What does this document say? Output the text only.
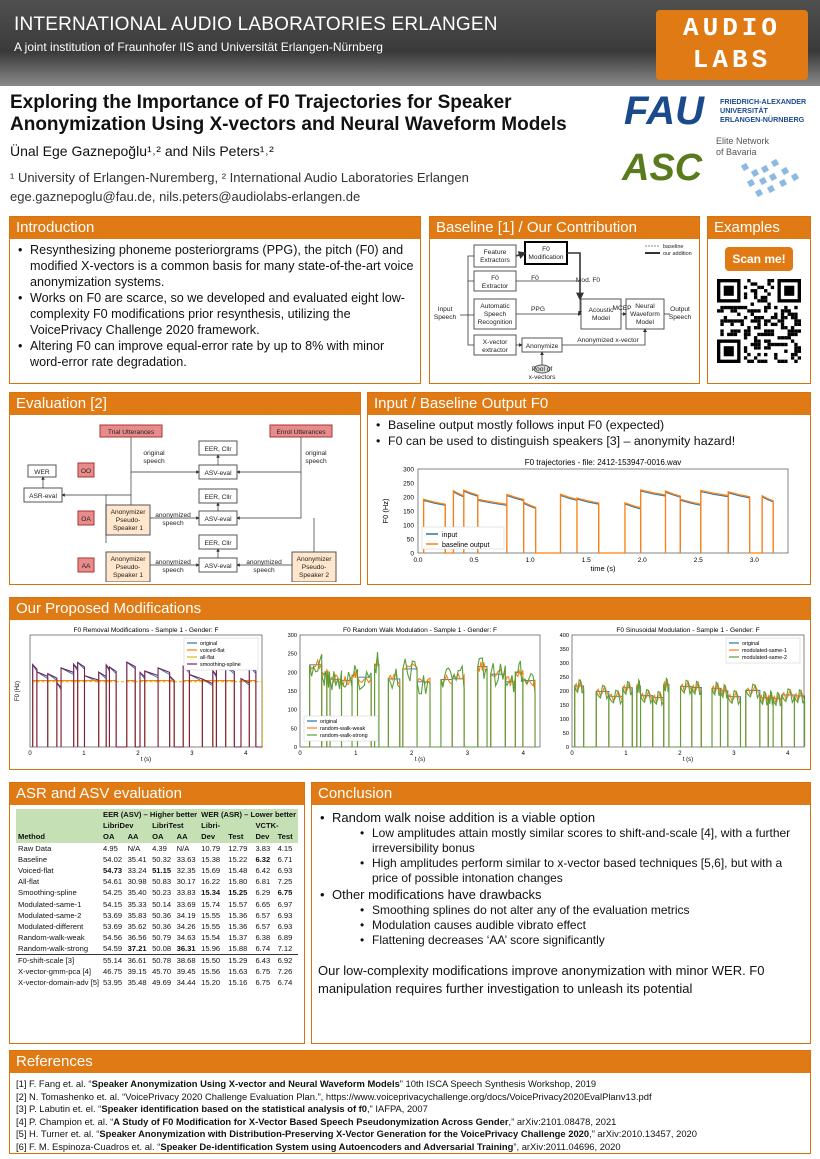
INTERNATIONAL AUDIO LABORATORIES ERLANGEN
A joint institution of Fraunhofer IIS and Universität Erlangen-Nürnberg
AUDIO
LABS
Exploring the Importance of F0 Trajectories for Speaker Anonymization Using X-vectors and Neural Waveform Models
Ünal Ege Gaznepoğlu¹˒² and Nils Peters¹˒²
¹ University of Erlangen-Nuremberg, ² International Audio Laboratories Erlangen
ege.gaznepoglu@fau.de, nils.peters@audiolabs-erlangen.de
FAU FRIEDRICH-ALEXANDER
UNIVERSITÄT
ERLANGEN-NÜRNBERG
ASC
Elite Network
of Bavaria
Introduction
• Resynthesizing phoneme posteriorgrams (PPG), the pitch (F0) and modified X-vectors is a common basis for many state-of-the-art voice anonymization systems.
• Works on F0 are scarce, so we developed and evaluated eight low-complexity F0 modifications prior resynthesis, utilizing the VoicePrivacy Challenge 2020 framework.
• Altering F0 can improve equal-error rate by up to 8% with minor word-error rate degradation.
Baseline [1] / Our Contribution
Feature
Extractors
F0
Modification
F0
Extractor
Automatic
Speech
Recognition
X-vector
extractor
Anonymize
Acoustic
Model
Neural
Waveform
Model
Pool of
x-vectors
Input
Speech
Output
Speech
F0	Mod. F0
PPG
Anonymized x-vector
MCEP
baseline
our addition
Examples
Scan me!
Evaluation [2]
Trial Utterances	Enrol Utterances
EER, Cllr
ASV-eval
EER, Cllr
ASV-eval
EER, Cllr
ASV-eval
WER
ASR-eval
OO
OA
AA
Anonymizer
Pseudo-
Speaker 1
Anonymizer
Pseudo-
Speaker 1
Anonymizer
Pseudo-
Speaker 2
original
speech
original
speech
anonymized
speech
anonymized
speech
anonymized
speech
Input / Baseline Output F0
• Baseline output mostly follows input F0 (expected)
• F0 can be used to distinguish speakers [3] – anonymity hazard!
F0 trajectories - file: 2412-153947-0016.wav
0
50
100
150
200
250
300
0.0	0.5	1.0	1.5	2.0	2.5	3.0
time (s)
F0 (Hz)
input
baseline output
Our Proposed Modifications
F0 Removal Modifications - Sample 1 - Gender: F
0	1	2	3	4
t (s)
F0 (Hz)
original
voiced-flat
all-flat
smoothing-spline
F0 Random Walk Modulation - Sample 1 - Gender: F
0	1	2	3	4
0
50
100
150
200
250
300
t (s)
original
random-walk-weak
random-walk-strong
F0 Sinusoidal Modulation - Sample 1 - Gender: F
0	1	2	3	4
0
50
100
150
200
250
300
350
400
t (s)
original
modulated-same-1
modulated-same-2
ASR and ASV evaluation
	EER (ASV) – Higher better				WER (ASR) – Lower better			
	LibriDev		LibriTest		Libri-		VCTK-	
Method	OA	AA	OA	AA	Dev	Test	Dev	Test
Raw Data	4.95	N/A	4.39	N/A	10.79	12.79	3.83	4.15
Baseline	54.02	35.41	50.32	33.63	15.38	15.22	6.32	6.71
Voiced-flat	54.73	33.24	51.15	32.35	15.69	15.48	6.42	6.93
All-flat	54.61	30.98	50.83	30.17	16.22	15.80	6.81	7.25
Smoothing-spline	54.25	35.40	50.23	33.83	15.34	15.25	6.29	6.75
Modulated-same-1	54.15	35.33	50.14	33.69	15.74	15.57	6.65	6.97
Modulated-same-2	53.69	35.83	50.36	34.19	15.55	15.36	6.57	6.93
Modulated-different	53.69	35.62	50.36	34.26	15.55	15.36	6.57	6.93
Random-walk-weak	54.56	36.56	50.79	34.63	15.54	15.37	6.38	6.89
Random-walk-strong	54.59	37.21	50.08	36.31	15.96	15.88	6.74	7.12
F0-shift-scale [3]	55.14	36.61	50.78	38.68	15.50	15.29	6.43	6.92
X-vector-gmm-pca [4]	46.75	39.15	45.70	39.45	15.56	15.63	6.75	7.26
X-vector-domain-adv [5]	53.95	35.48	49.69	34.44	15.20	15.16	6.75	6.74
Conclusion
• Random walk noise addition is a viable option
• Low amplitudes attain mostly similar scores to shift-and-scale [4], with a further irreversibility bonus
• High amplitudes perform similar to x-vector based techniques [5,6], but with a price of possible intonation changes
• Other modifications have drawbacks
• Smoothing splines do not alter any of the evaluation metrics
• Modulation causes audible vibrato effect
• Flattening decreases ‘AA’ score significantly
Our low-complexity modifications improve anonymization with minor WER. F0 manipulation requires further investigation to unleash its potential
References
[1] F. Fang et. al. “Speaker Anonymization Using X-vector and Neural Waveform Models” 10th ISCA Speech Synthesis Workshop, 2019
[2] N. Tomashenko et. al. “VoicePrivacy 2020 Challenge Evaluation Plan.”, https://www.voiceprivacychallenge.org/docs/VoicePrivacy2020EvalPlanv13.pdf
[3] P. Labutin et. el. “Speaker identification based on the statistical analysis of f0,” IAFPA, 2007
[4] P. Champion et. al. “A Study of F0 Modification for X-Vector Based Speech Pseudonymization Across Gender,” arXiv:2101.08478, 2021
[5] H. Turner et. al. “Speaker Anonymization with Distribution-Preserving X-Vector Generation for the VoicePrivacy Challenge 2020,” arXiv:2010.13457, 2020
[6] F. M. Espinoza-Cuadros et. al. “Speaker De-identification System using Autoencoders and Adversarial Training”, arXiv:2011.04696, 2020
